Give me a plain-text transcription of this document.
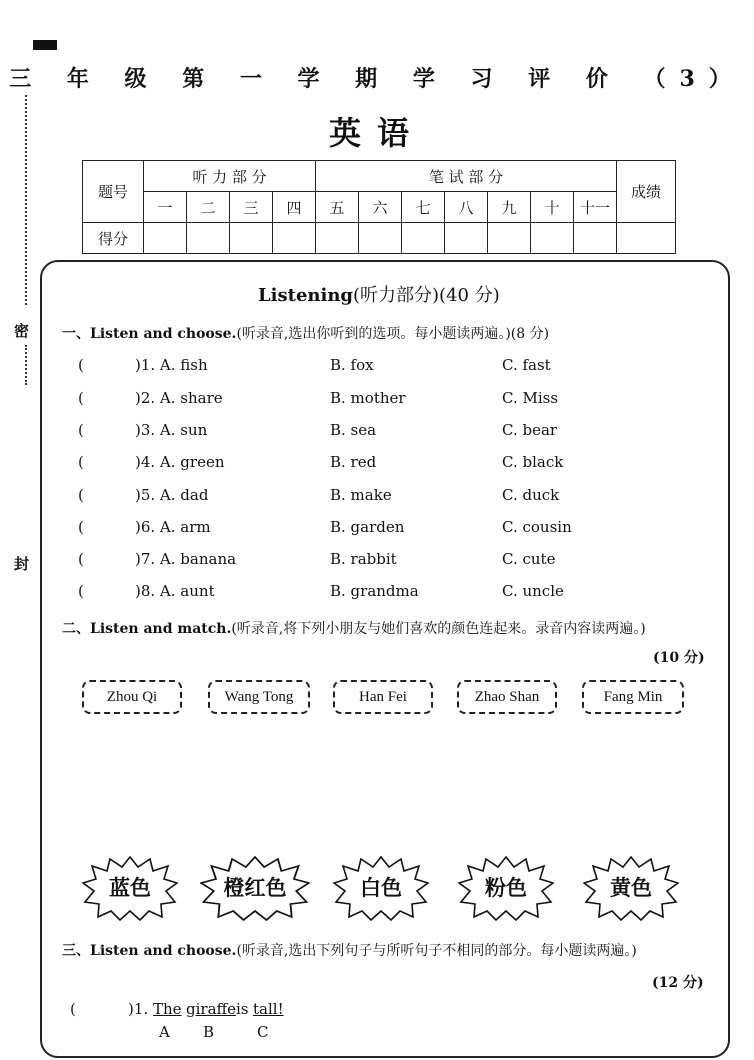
密
封
三 年 级 第 一 学 期 学 习 评 价 （3）
英语
题号	听 力 部 分				笔 试 部 分							成绩
	一	二	三	四	五	六	七	八	九	十	十一	
得分												
Listening(听力部分)(40 分)
一、Listen and choose.(听录音,选出你听到的选项。每小题读两遍。)(8 分)
(	)1. A. fish	B. fox	C. fast
(	)2. A. share	B. mother	C. Miss
(	)3. A. sun	B. sea	C. bear
(	)4. A. green	B. red	C. black
(	)5. A. dad	B. make	C. duck
(	)6. A. arm	B. garden	C. cousin
(	)7. A. banana	B. rabbit	C. cute
(	)8. A. aunt	B. grandma	C. uncle
二、Listen and match.(听录音,将下列小朋友与她们喜欢的颜色连起来。录音内容读两遍。)
(10 分)
Zhou Qi	Wang Tong	Han Fei	Zhao Shan	Fang Min
蓝色	橙红色	白色	粉色	黄色
三、Listen and choose.(听录音,选出下列句子与所听句子不相同的部分。每小题读两遍。)
(12 分)
(	)1. The giraffe is tall!
A B	C
